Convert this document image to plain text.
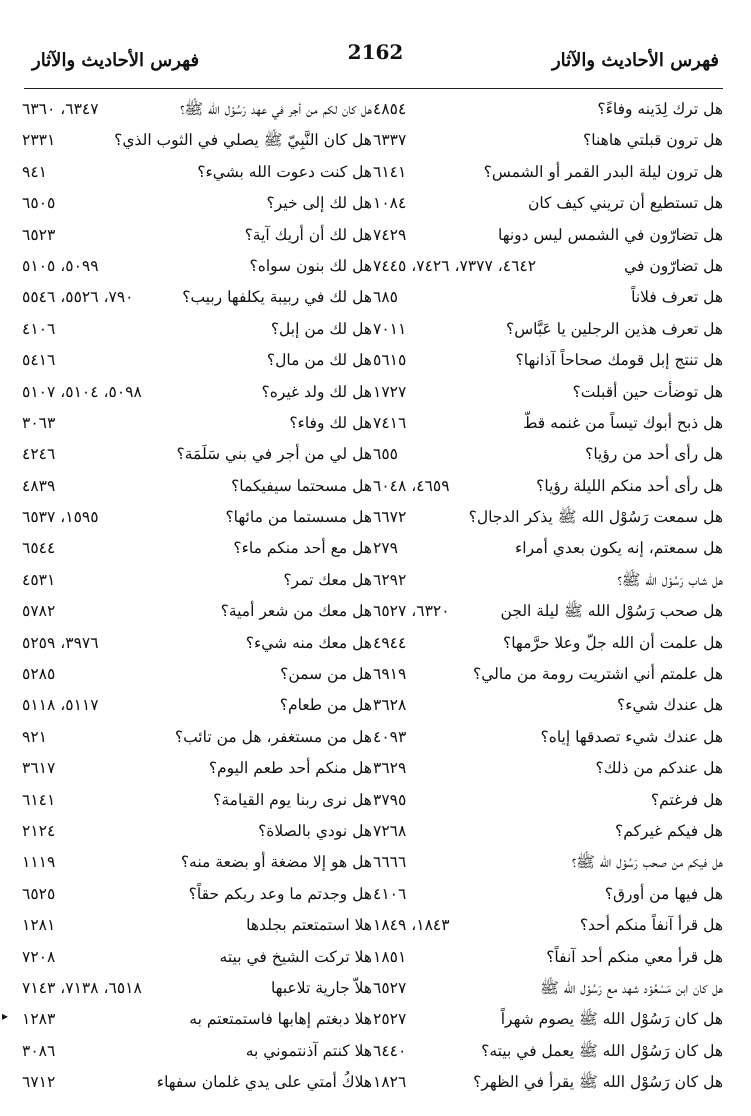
فهرس الأحاديث والآثار
2162
فهرس الأحاديث والآثار
هل ترك لِدَينه وفاءً؟
٤٨٥٤
هل ترون قبلتي هاهنا؟
٦٣٣٧
هل ترون ليلة البدر القمر أو الشمس؟
٦١٤١
هل تستطيع أن تريني كيف كان
١٠٨٤
هل تضارّون في الشمس ليس دونها
٧٤٢٩
هل تضارّون في
٤٦٤٢، ٧٣٧٧، ٧٤٢٦، ٧٤٤٥
هل تعرف فلاناً
٦٨٥
هل تعرف هذين الرجلين يا عَبَّاس؟
٧٠١١
هل تنتج إبل قومك صحاحاً آذانها؟
٥٦١٥
هل توضأت حين أقبلت؟
١٧٢٧
هل ذبح أبوك تيساً من غنمه قطّ
٧٤١٦
هل رأى أحد من رؤيا؟
٦٥٥
هل رأى أحد منكم الليلة رؤيا؟
٤٦٥٩، ٦٠٤٨
هل سمعت رَسُوْل الله ﷺ يذكر الدجال؟
٦٦٧٢
هل سمعتم، إنه يكون بعدي أمراء
٢٧٩
هل شاب رَسُوْل الله ﷺ؟
٦٢٩٢
هل صحب رَسُوْل الله ﷺ ليلة الجن
٦٣٢٠، ٦٥٢٧
هل علمت أن الله جلّ وعلا حرَّمها؟
٤٩٤٤
هل علمتم أني اشتريت رومة من مالي؟
٦٩١٩
هل عندك شيء؟
٣٦٢٨
هل عندك شيء تصدقها إياه؟
٤٠٩٣
هل عندكم من ذلك؟
٣٦٢٩
هل فرغتم؟
٣٧٩٥
هل فيكم غيركم؟
٧٢٦٨
هل فيكم من صحب رَسُوْل الله ﷺ؟
٦٦٦٦
هل فيها من أورق؟
٤١٠٦
هل قرأ آنفاً منكم أحد؟
١٨٤٣، ١٨٤٩
هل قرأ معي منكم أحد آنفاً؟
١٨٥١
هل كان ابن مَسْعُوْد شهد مع رَسُوْل الله ﷺ
٦٥٢٧
هل كان رَسُوْل الله ﷺ يصوم شهراً
٢٥٢٧
هل كان رَسُوْل الله ﷺ يعمل في بيته؟
٦٤٤٠
هل كان رَسُوْل الله ﷺ يقرأ في الظهر؟
١٨٢٦
هل كان لكم من أجر في عهد رَسُوْل الله ﷺ؟
٦٣٤٧، ٦٣٦٠
هل كان النَّبِيّ ﷺ يصلي في الثوب الذي؟
٢٣٣١
هل كنت دعوت الله بشيء؟
٩٤١
هل لك إلى خير؟
٦٥٠٥
هل لك أن أريك آية؟
٦٥٢٣
هل لك بنون سواه؟
٥٠٩٩، ٥١٠٥
هل لك في ربيبة يكلفها ربيب؟
٧٩٠، ٥٥٢٦، ٥٥٤٦
هل لك من إبل؟
٤١٠٦
هل لك من مال؟
٥٤١٦
هل لك ولد غيره؟
٥٠٩٨، ٥١٠٤، ٥١٠٧
هل لك وفاء؟
٣٠٦٣
هل لي من أجر في بني سَلَمَة؟
٤٢٤٦
هل مسحتما سيفيكما؟
٤٨٣٩
هل مسستما من مائها؟
١٥٩٥، ٦٥٣٧
هل مع أحد منكم ماء؟
٦٥٤٤
هل معك تمر؟
٤٥٣١
هل معك من شعر أمية؟
٥٧٨٢
هل معك منه شيء؟
٣٩٧٦، ٥٢٥٩
هل من سمن؟
٥٢٨٥
هل من طعام؟
٥١١٧، ٥١١٨
هل من مستغفر، هل من تائب؟
٩٢١
هل منكم أحد طعم اليوم؟
٣٦١٧
هل نرى ربنا يوم القيامة؟
٦١٤١
هل نودي بالصلاة؟
٢١٢٤
هل هو إلا مضغة أو بضعة منه؟
١١١٩
هل وجدتم ما وعد ربكم حقاً؟
٦٥٢٥
هلا استمتعتم بجلدها
١٢٨١
هلا تركت الشيخ في بيته
٧٢٠٨
هلاّ جارية تلاعبها
٦٥١٨، ٧١٣٨، ٧١٤٣
هلا دبغتم إهابها فاستمتعتم به
١٢٨٣
هلا كنتم آذنتموني به
٣٠٨٦
هلاكُ أمتي على يدي غلمان سفهاء
٦٧١٢
▸
